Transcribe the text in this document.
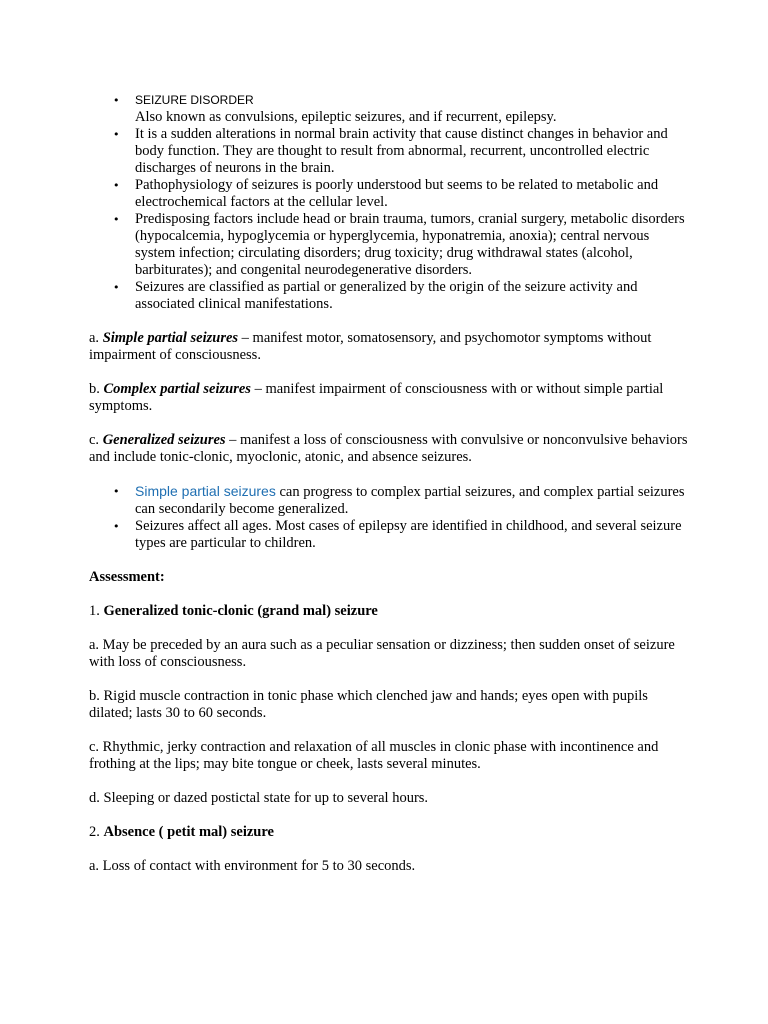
• SEIZURE DISORDER
Also known as convulsions, epileptic seizures, and if recurrent, epilepsy.
• It is a sudden alterations in normal brain activity that cause distinct changes in behavior and body function. They are thought to result from abnormal, recurrent, uncontrolled electric discharges of neurons in the brain.
• Pathophysiology of seizures is poorly understood but seems to be related to metabolic and electrochemical factors at the cellular level.
• Predisposing factors include head or brain trauma, tumors, cranial surgery, metabolic disorders (hypocalcemia, hypoglycemia or hyperglycemia, hyponatremia, anoxia); central nervous system infection; circulating disorders; drug toxicity; drug withdrawal states (alcohol, barbiturates); and congenital neurodegenerative disorders.
• Seizures are classified as partial or generalized by the origin of the seizure activity and associated clinical manifestations.

a. Simple partial seizures – manifest motor, somatosensory, and psychomotor symptoms without impairment of consciousness.

b. Complex partial seizures – manifest impairment of consciousness with or without simple partial symptoms.

c. Generalized seizures – manifest a loss of consciousness with convulsive or nonconvulsive behaviors and include tonic-clonic, myoclonic, atonic, and absence seizures.

• Simple partial seizures can progress to complex partial seizures, and complex partial seizures can secondarily become generalized.
• Seizures affect all ages. Most cases of epilepsy are identified in childhood, and several seizure types are particular to children.

Assessment:

1. Generalized tonic-clonic (grand mal) seizure

a. May be preceded by an aura such as a peculiar sensation or dizziness; then sudden onset of seizure with loss of consciousness.

b. Rigid muscle contraction in tonic phase which clenched jaw and hands; eyes open with pupils dilated; lasts 30 to 60 seconds.

c. Rhythmic, jerky contraction and relaxation of all muscles in clonic phase with incontinence and frothing at the lips; may bite tongue or cheek, lasts several minutes.

d. Sleeping or dazed postictal state for up to several hours.

2. Absence ( petit mal) seizure

a. Loss of contact with environment for 5 to 30 seconds.
